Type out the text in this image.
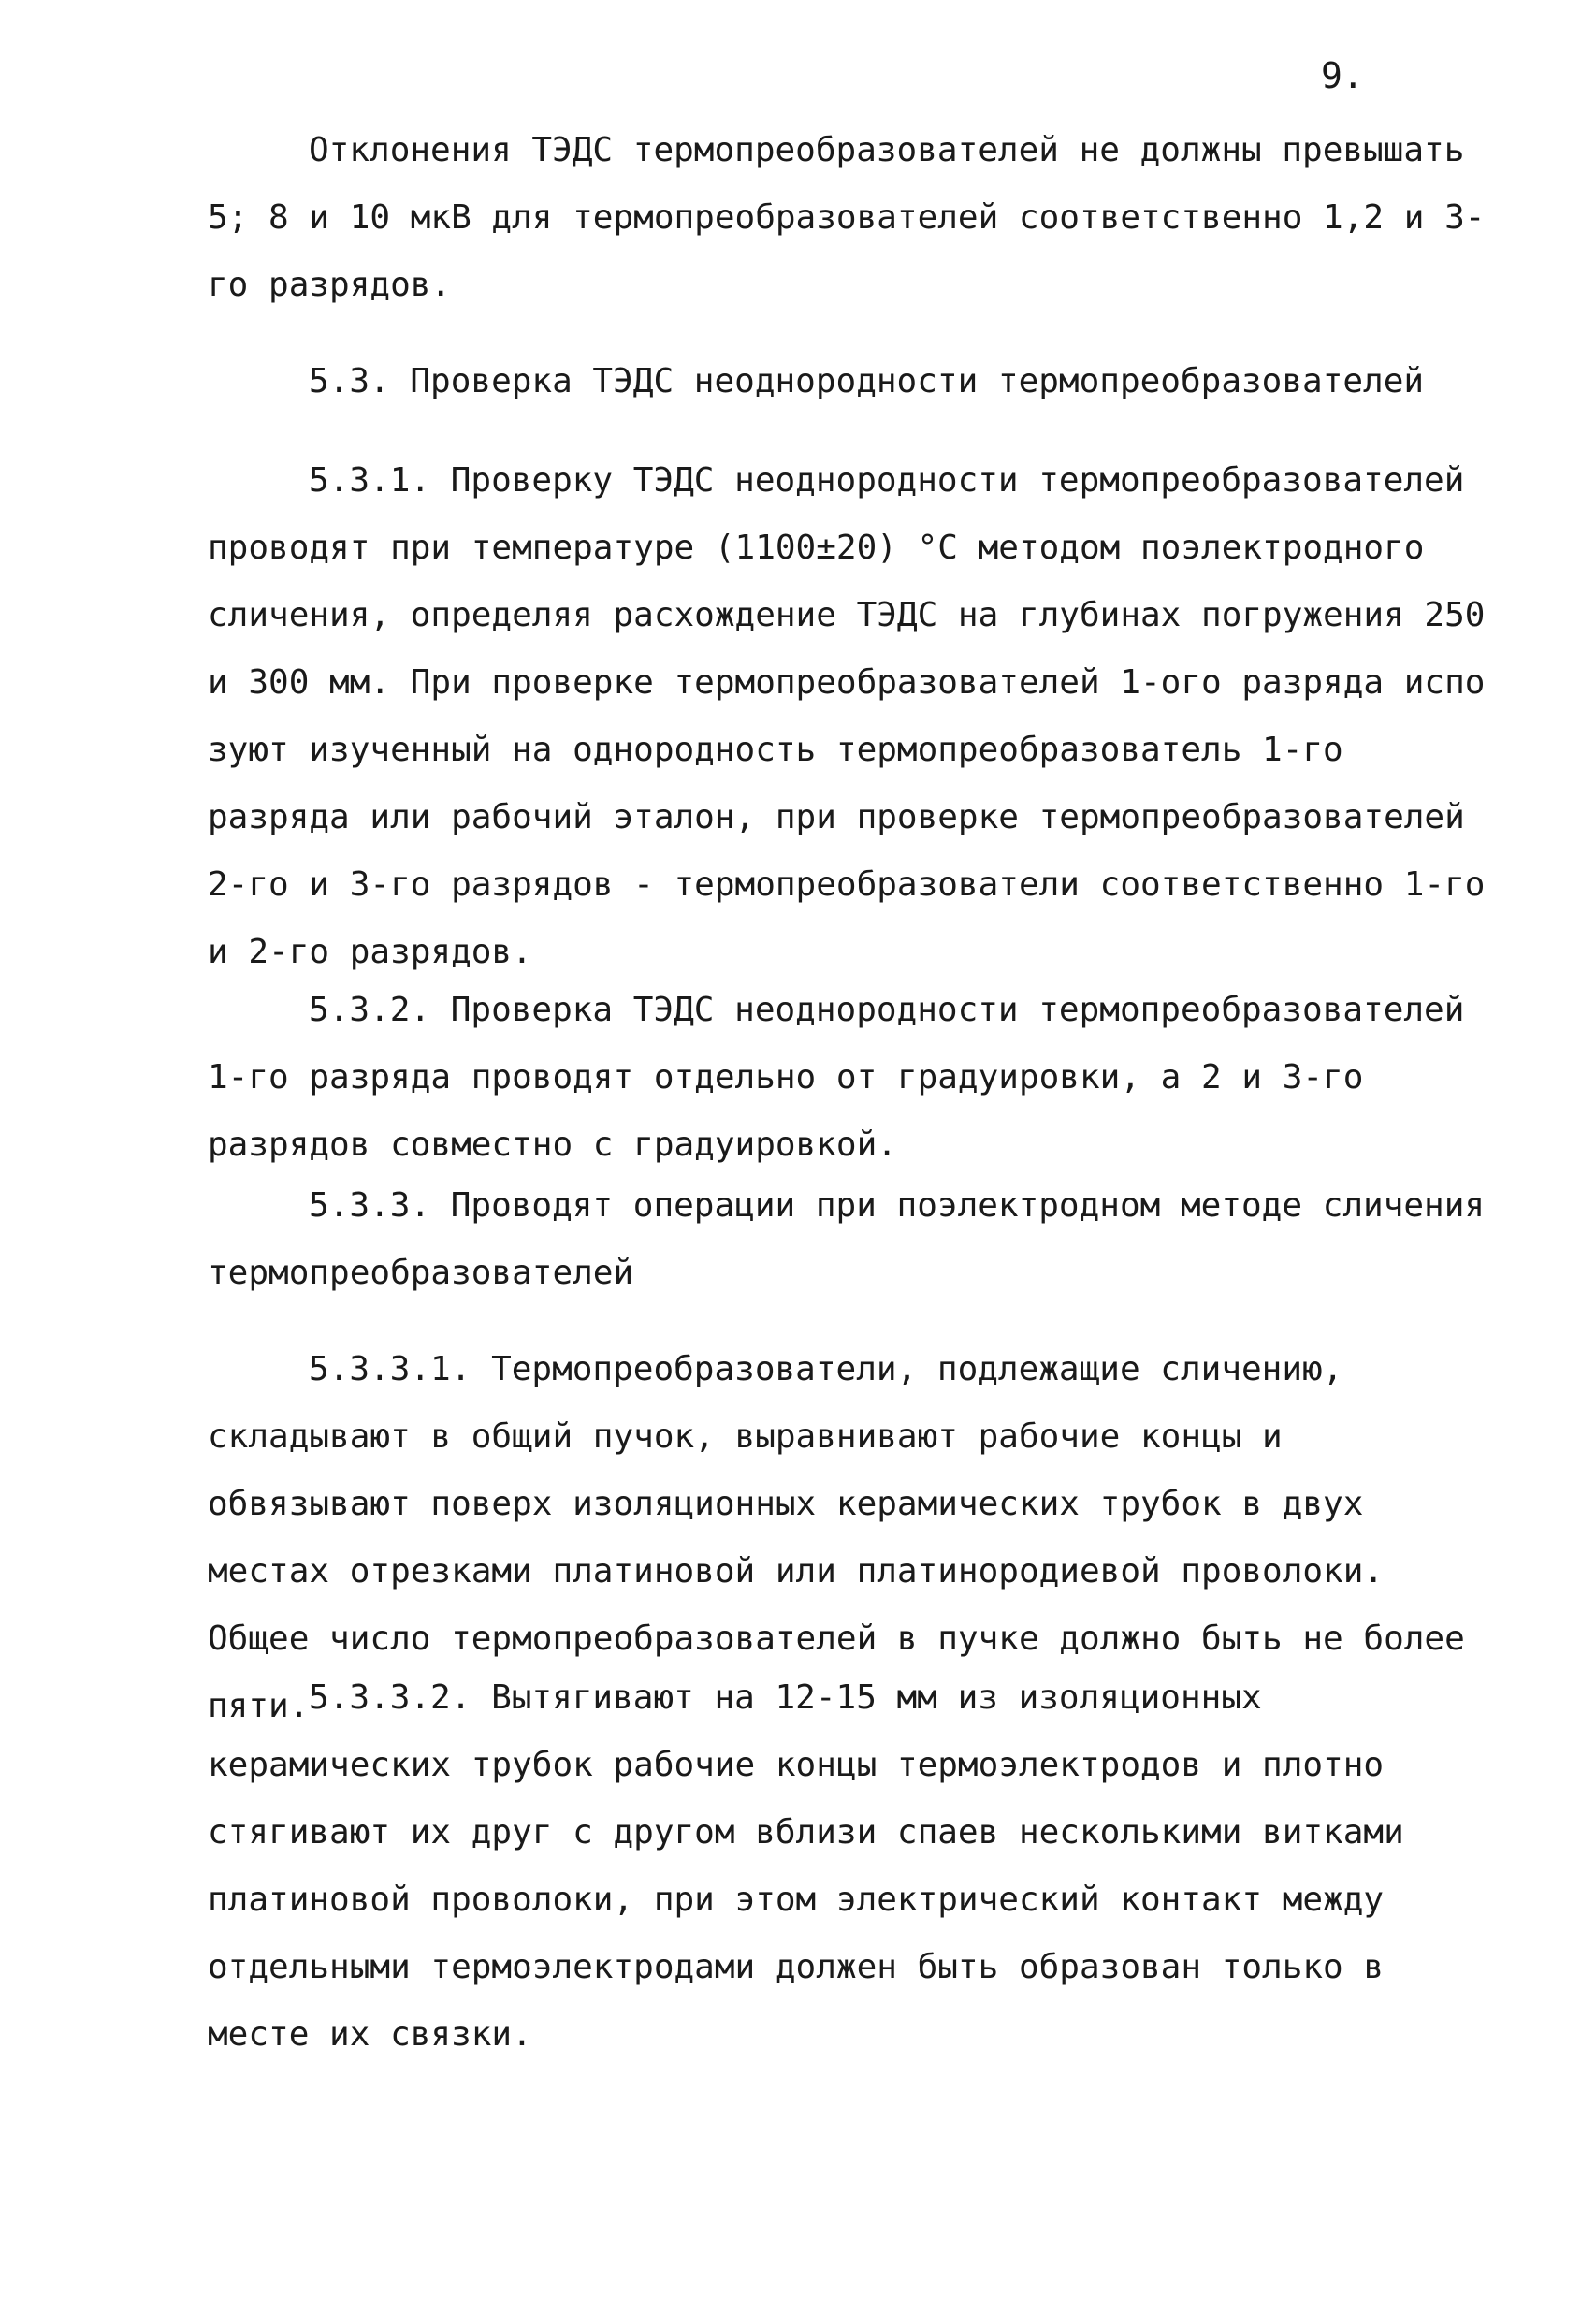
9.
Отклонения ТЭДС термопреобразователей не должны превышать 5; 8 и 10 мкВ для термопреобразователей соответственно 1,2 и 3-го разрядов.
5.3. Проверка ТЭДС неоднородности термопреобразователей
5.3.1. Проверку ТЭДС неоднородности термопреобразователей проводят при температуре (1100±20) °С методом поэлектродного сличения, определяя расхождение ТЭДС на глубинах погружения 250 и 300 мм. При проверке термопреобразователей 1-ого разряда испо зуют изученный на однородность термопреобразователь 1-го разряда или рабочий эталон, при проверке термопреобразователей 2-го и 3-го разрядов - термопреобразователи соответственно 1-го и 2-го разрядов.
5.3.2. Проверка ТЭДС неоднородности термопреобразователей 1-го разряда проводят отдельно от градуировки, а 2 и 3-го разрядов совместно с градуировкой.
5.3.3. Проводят операции при поэлектродном методе сличения термопреобразователей
5.3.3.1. Термопреобразователи, подлежащие сличению, складывают в общий пучок, выравнивают рабочие концы и обвязывают поверх изоляционных керамических трубок в двух местах отрезками платиновой или платинородиевой проволоки. Общее число термопреобразователей в пучке должно быть не более пяти. 5.3.3.2. Вытягивают на 12-15 мм из изоляционных керамических трубок рабочие концы термоэлектродов и плотно стягивают их друг с другом вблизи спаев несколькими витками платиновой проволоки, при этом электрический контакт между отдельными термоэлектродами должен быть образован только в месте их связки.
